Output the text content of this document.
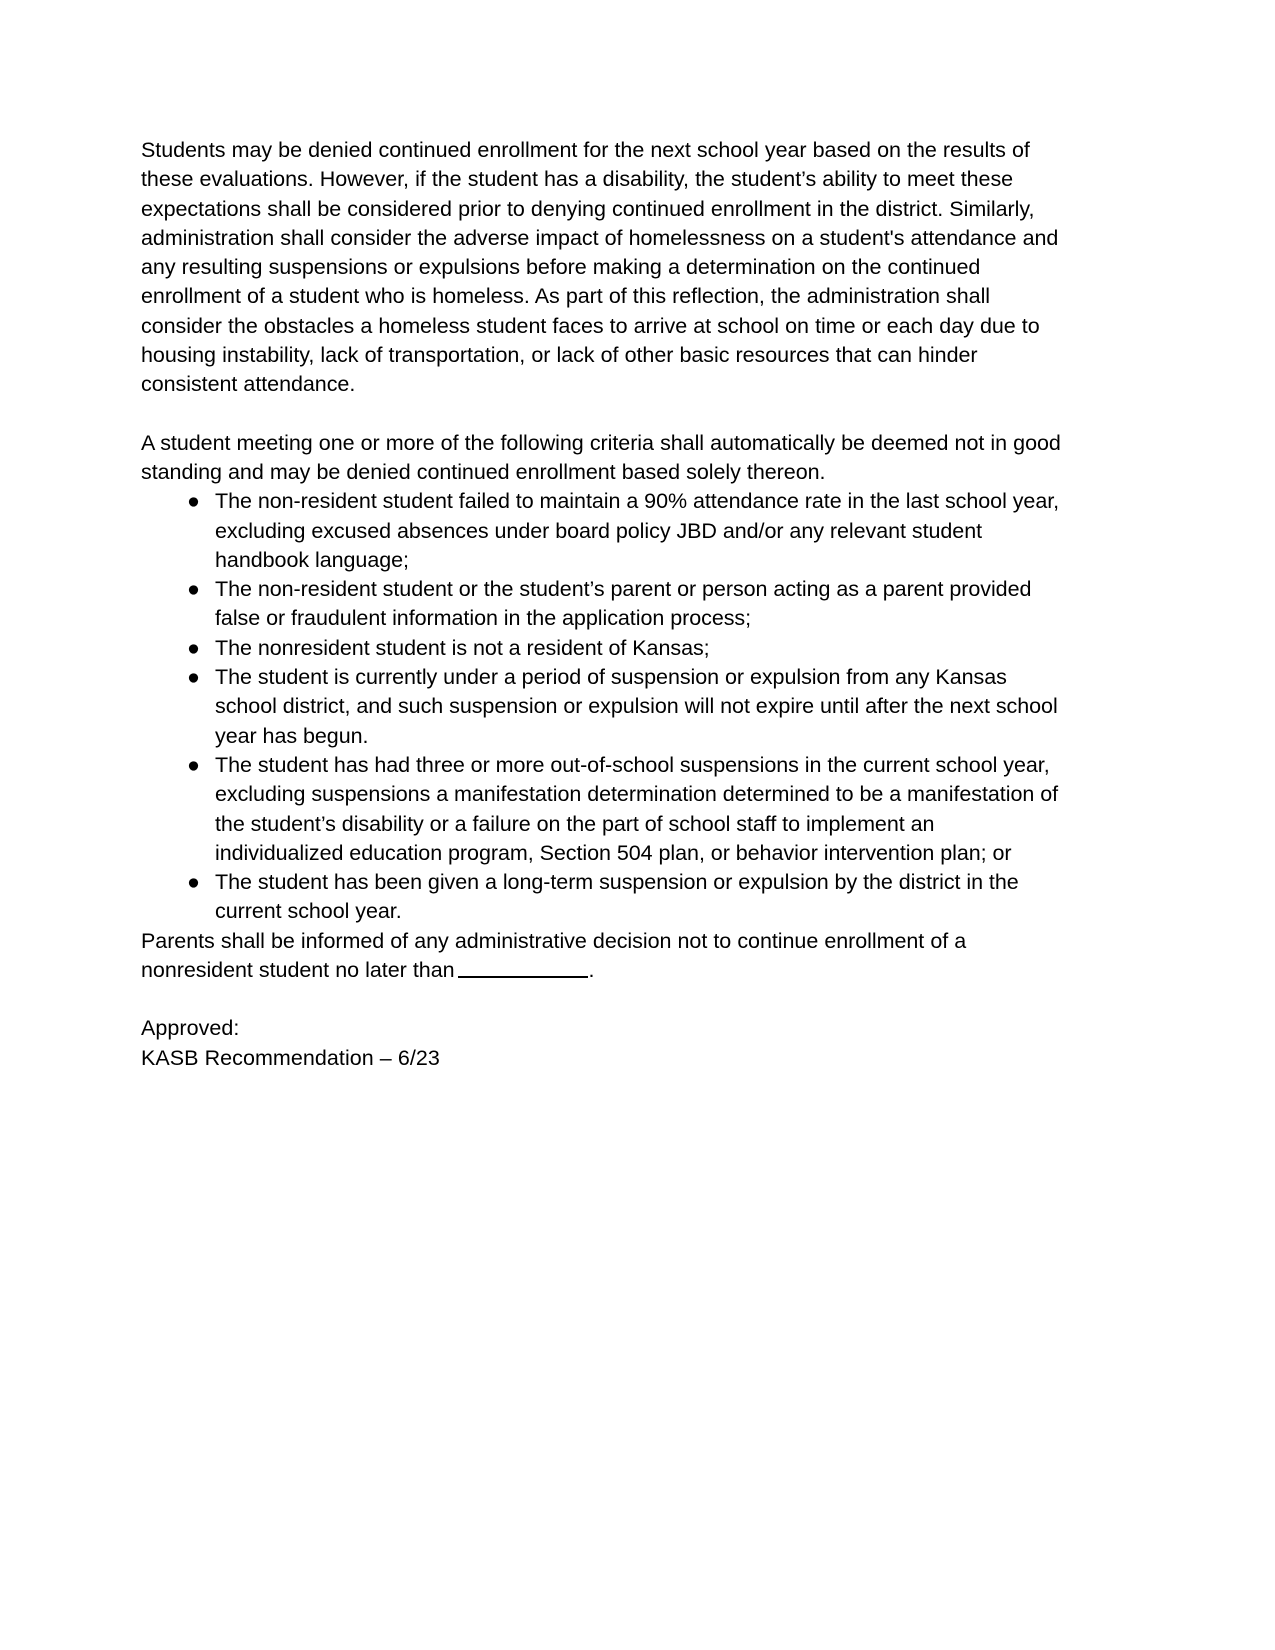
Students may be denied continued enrollment for the next school year based on the results of these evaluations. However, if the student has a disability, the student’s ability to meet these expectations shall be considered prior to denying continued enrollment in the district. Similarly, administration shall consider the adverse impact of homelessness on a student's attendance and any resulting suspensions or expulsions before making a determination on the continued enrollment of a student who is homeless. As part of this reflection, the administration shall consider the obstacles a homeless student faces to arrive at school on time or each day due to housing instability, lack of transportation, or lack of other basic resources that can hinder consistent attendance.

A student meeting one or more of the following criteria shall automatically be deemed not in good standing and may be denied continued enrollment based solely thereon.

● The non-resident student failed to maintain a 90% attendance rate in the last school year, excluding excused absences under board policy JBD and/or any relevant student handbook language;
● The non-resident student or the student’s parent or person acting as a parent provided false or fraudulent information in the application process;
● The nonresident student is not a resident of Kansas;
● The student is currently under a period of suspension or expulsion from any Kansas school district, and such suspension or expulsion will not expire until after the next school year has begun.
● The student has had three or more out-of-school suspensions in the current school year, excluding suspensions a manifestation determination determined to be a manifestation of the student’s disability or a failure on the part of school staff to implement an individualized education program, Section 504 plan, or behavior intervention plan; or
● The student has been given a long-term suspension or expulsion by the district in the current school year.

Parents shall be informed of any administrative decision not to continue enrollment of a nonresident student no later than	.

Approved:
KASB Recommendation – 6/23
